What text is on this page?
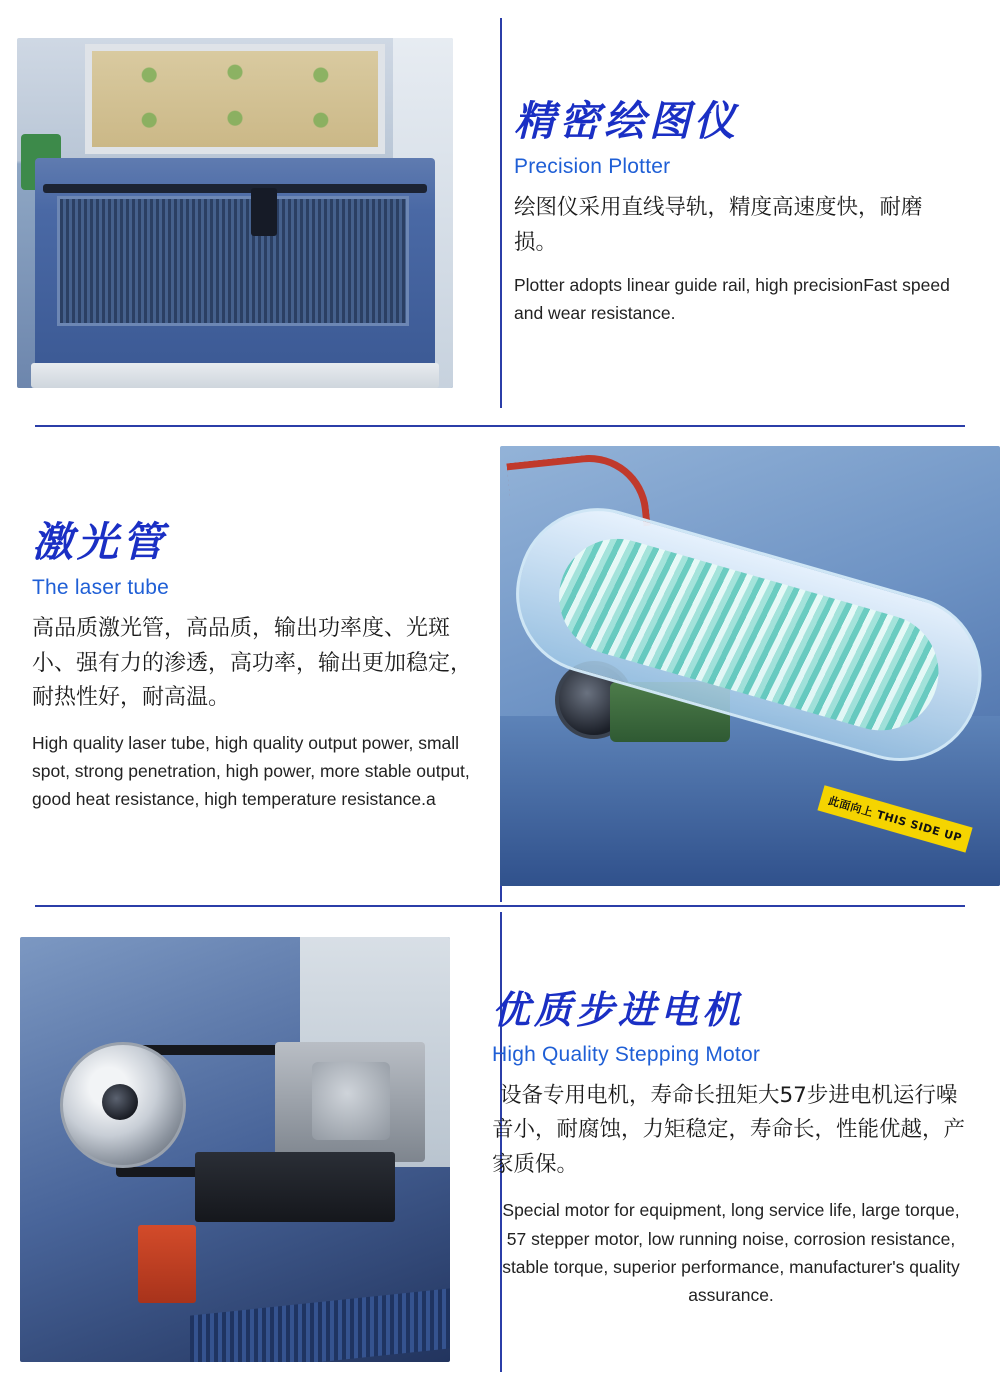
精密绘图仪
Precision Plotter

绘图仪采用直线导轨，精度高速度快，耐磨损。

Plotter adopts linear guide rail, high precisionFast speed and wear resistance.

激光管
The laser tube

高品质激光管，高品质，输出功率度、光斑小、强有力的渗透，高功率，输出更加稳定，耐热性好，耐高温。

High quality laser tube, high quality output power, small spot, strong penetration, high power, more stable output, good heat resistance, high temperature resistance.a	此面向上 THIS SIDE UP
优质步进电机
High Quality Stepping Motor

设备专用电机，寿命长扭矩大57步进电机运行噪音小，耐腐蚀，力矩稳定，寿命长，性能优越，产家质保。

Special motor for equipment, long service life, large torque, 57 stepper motor, low running noise, corrosion resistance, stable torque, superior performance, manufacturer's quality assurance.
